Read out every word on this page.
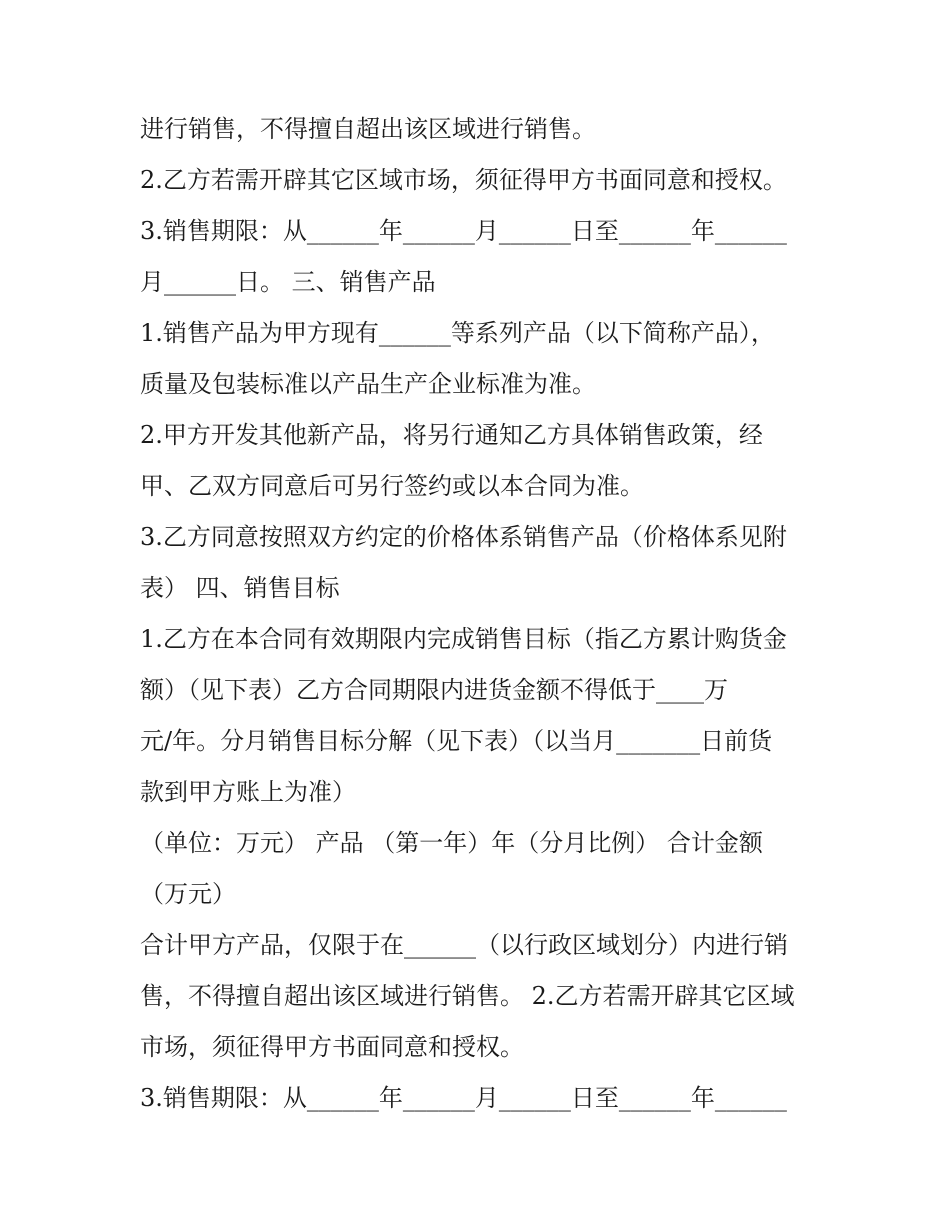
进行销售，不得擅自超出该区域进行销售。
2.乙方若需开辟其它区域市场，须征得甲方书面同意和授权。
3.销售期限：从______年______月______日至______年______
月______日。 三、销售产品
1.销售产品为甲方现有______等系列产品（以下简称产品），
质量及包装标准以产品生产企业标准为准。
2.甲方开发其他新产品，将另行通知乙方具体销售政策，经
甲、乙双方同意后可另行签约或以本合同为准。
3.乙方同意按照双方约定的价格体系销售产品（价格体系见附
表） 四、销售目标
1.乙方在本合同有效期限内完成销售目标（指乙方累计购货金
额）（见下表）乙方合同期限内进货金额不得低于____万
元/年。分月销售目标分解（见下表）（以当月_______日前货
款到甲方账上为准）
（单位：万元） 产品 （第一年）年（分月比例） 合计金额
（万元）
合计甲方产品，仅限于在______（以行政区域划分）内进行销
售，不得擅自超出该区域进行销售。 2.乙方若需开辟其它区域
市场，须征得甲方书面同意和授权。
3.销售期限：从______年______月______日至______年______
